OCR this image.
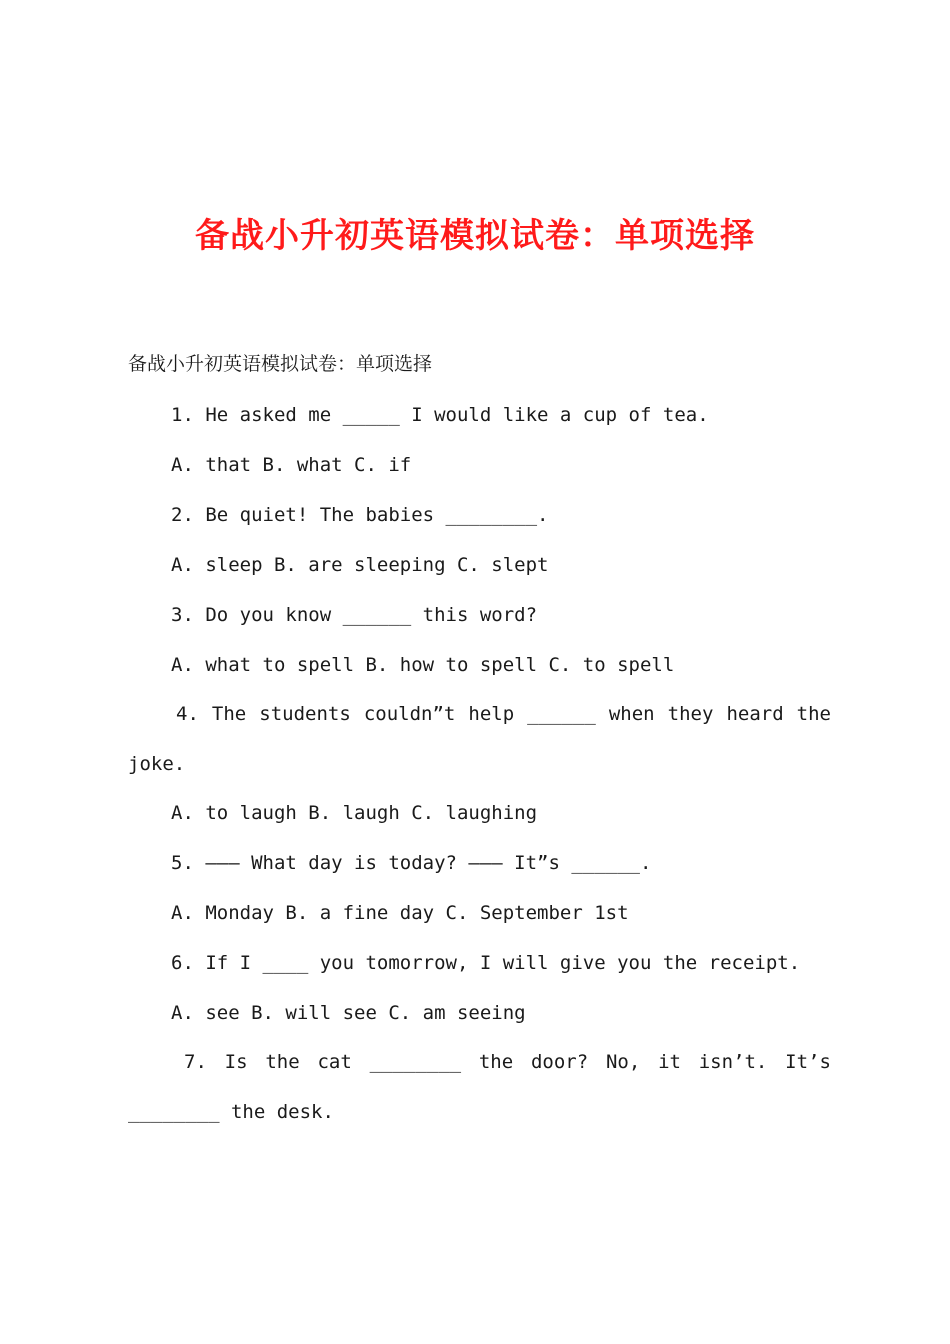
备战小升初英语模拟试卷：单项选择
备战小升初英语模拟试卷：单项选择
1. He asked me _____ I would like a cup of tea.
A. that B. what C. if
2. Be quiet! The babies ________.
A. sleep B. are sleeping C. slept
3. Do you know ______ this word?
A. what to spell B. how to spell C. to spell
4. The students couldn”t help ______ when they heard the
joke.
A. to laugh B. laugh C. laughing
5. ——— What day is today? ——— It”s ______.
A. Monday B. a fine day C. September 1st
6. If I ____ you tomorrow, I will give you the receipt.
A. see B. will see C. am seeing
7. Is the cat ________ the door? No, it isn’t. It’s
________ the desk.
